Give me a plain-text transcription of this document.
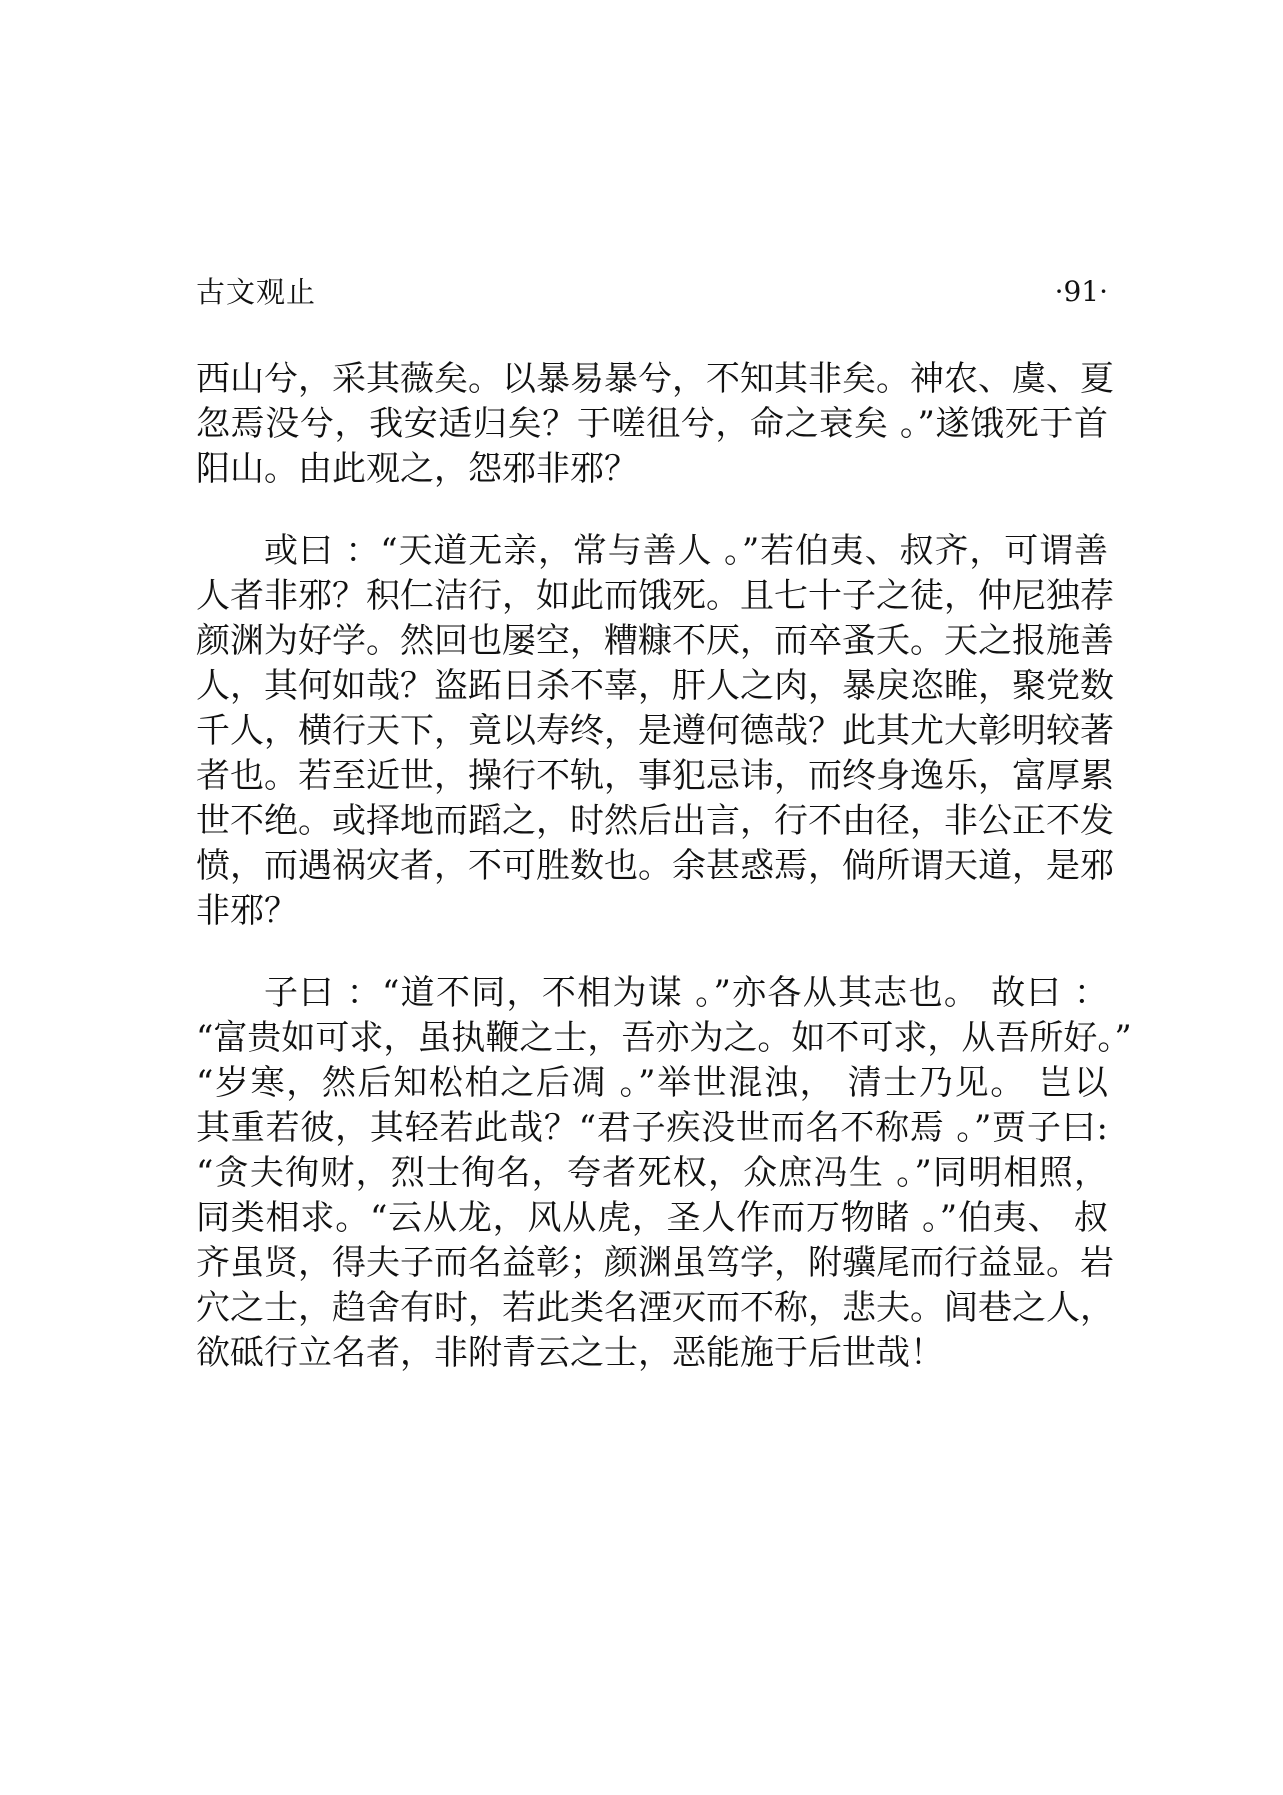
古文观止	·91·
西山兮，采其薇矣。以暴易暴兮，不知其非矣。神农、虞、夏
忽焉没兮，我安适归矣？于嗟徂兮，命之衰矣 。”遂饿死于首
阳山。由此观之，怨邪非邪？
或曰 ：“天道无亲，常与善人 。”若伯夷、叔齐，可谓善
人者非邪？积仁洁行，如此而饿死。且七十子之徒，仲尼独荐
颜渊为好学。然回也屡空，糟糠不厌，而卒蚤夭。天之报施善
人，其何如哉？盗跖日杀不辜，肝人之肉，暴戾恣睢，聚党数
千人，横行天下，竟以寿终，是遵何德哉？此其尤大彰明较著
者也。若至近世，操行不轨，事犯忌讳，而终身逸乐，富厚累
世不绝。或择地而蹈之，时然后出言，行不由径，非公正不发
愤，而遇祸灾者，不可胜数也。余甚惑焉，倘所谓天道，是邪
非邪？
子曰 ：“道不同，不相为谋 。”亦各从其志也。 故曰 ：
“富贵如可求，虽执鞭之士，吾亦为之。如不可求，从吾所好。”
“岁寒，然后知松柏之后凋 。”举世混浊， 清士乃见。 岂以
其重若彼，其轻若此哉？“君子疾没世而名不称焉 。”贾子曰:
“贪夫徇财，烈士徇名，夸者死权，众庶冯生 。”同明相照，
同类相求。“云从龙，风从虎，圣人作而万物睹 。”伯夷、 叔
齐虽贤，得夫子而名益彰；颜渊虽笃学，附骥尾而行益显。岩
穴之士，趋舍有时，若此类名湮灭而不称，悲夫。闾巷之人，
欲砥行立名者，非附青云之士，恶能施于后世哉！
